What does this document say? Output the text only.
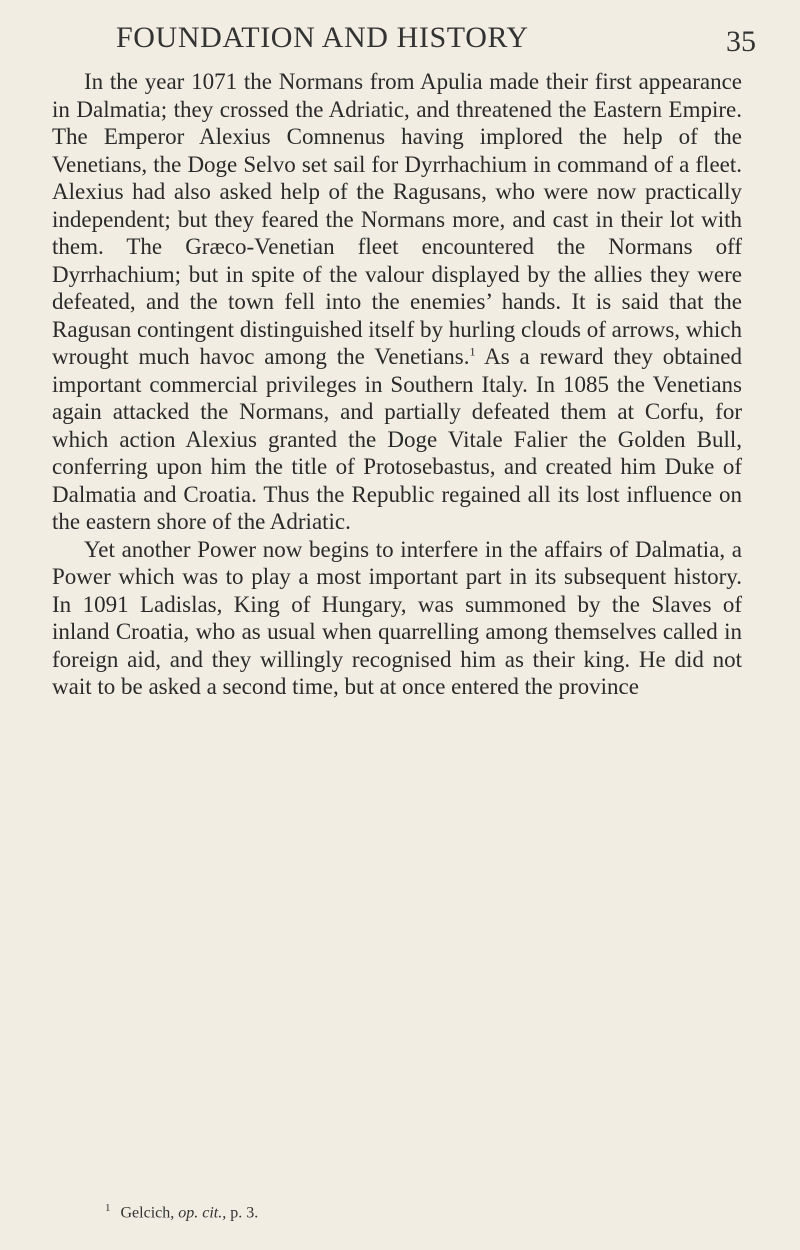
FOUNDATION AND HISTORY	35

In the year 1071 the Normans from Apulia made their first appearance in Dalmatia; they crossed the Adriatic, and threatened the Eastern Empire. The Emperor Alexius Comnenus having implored the help of the Venetians, the Doge Selvo set sail for Dyrrhachium in command of a fleet. Alexius had also asked help of the Ragusans, who were now practically independent; but they feared the Normans more, and cast in their lot with them. The Græco-Venetian fleet encountered the Normans off Dyrrhachium; but in spite of the valour displayed by the allies they were defeated, and the town fell into the enemies’ hands. It is said that the Ragusan contingent distinguished itself by hurling clouds of arrows, which wrought much havoc among the Venetians.$^1$ As a reward they obtained important commercial privileges in Southern Italy. In 1085 the Venetians again attacked the Normans, and partially defeated them at Corfu, for which action Alexius granted the Doge Vitale Falier the Golden Bull, conferring upon him the title of Protosebastus, and created him Duke of Dalmatia and Croatia. Thus the Republic regained all its lost influence on the eastern shore of the Adriatic.

Yet another Power now begins to interfere in the affairs of Dalmatia, a Power which was to play a most important part in its subsequent history. In 1091 Ladislas, King of Hungary, was summoned by the Slaves of inland Croatia, who as usual when quarrelling among themselves called in foreign aid, and they willingly recognised him as their king. He did not wait to be asked a second time, but at once entered the province

$^1$ Gelcich, op. cit., p. 3.
